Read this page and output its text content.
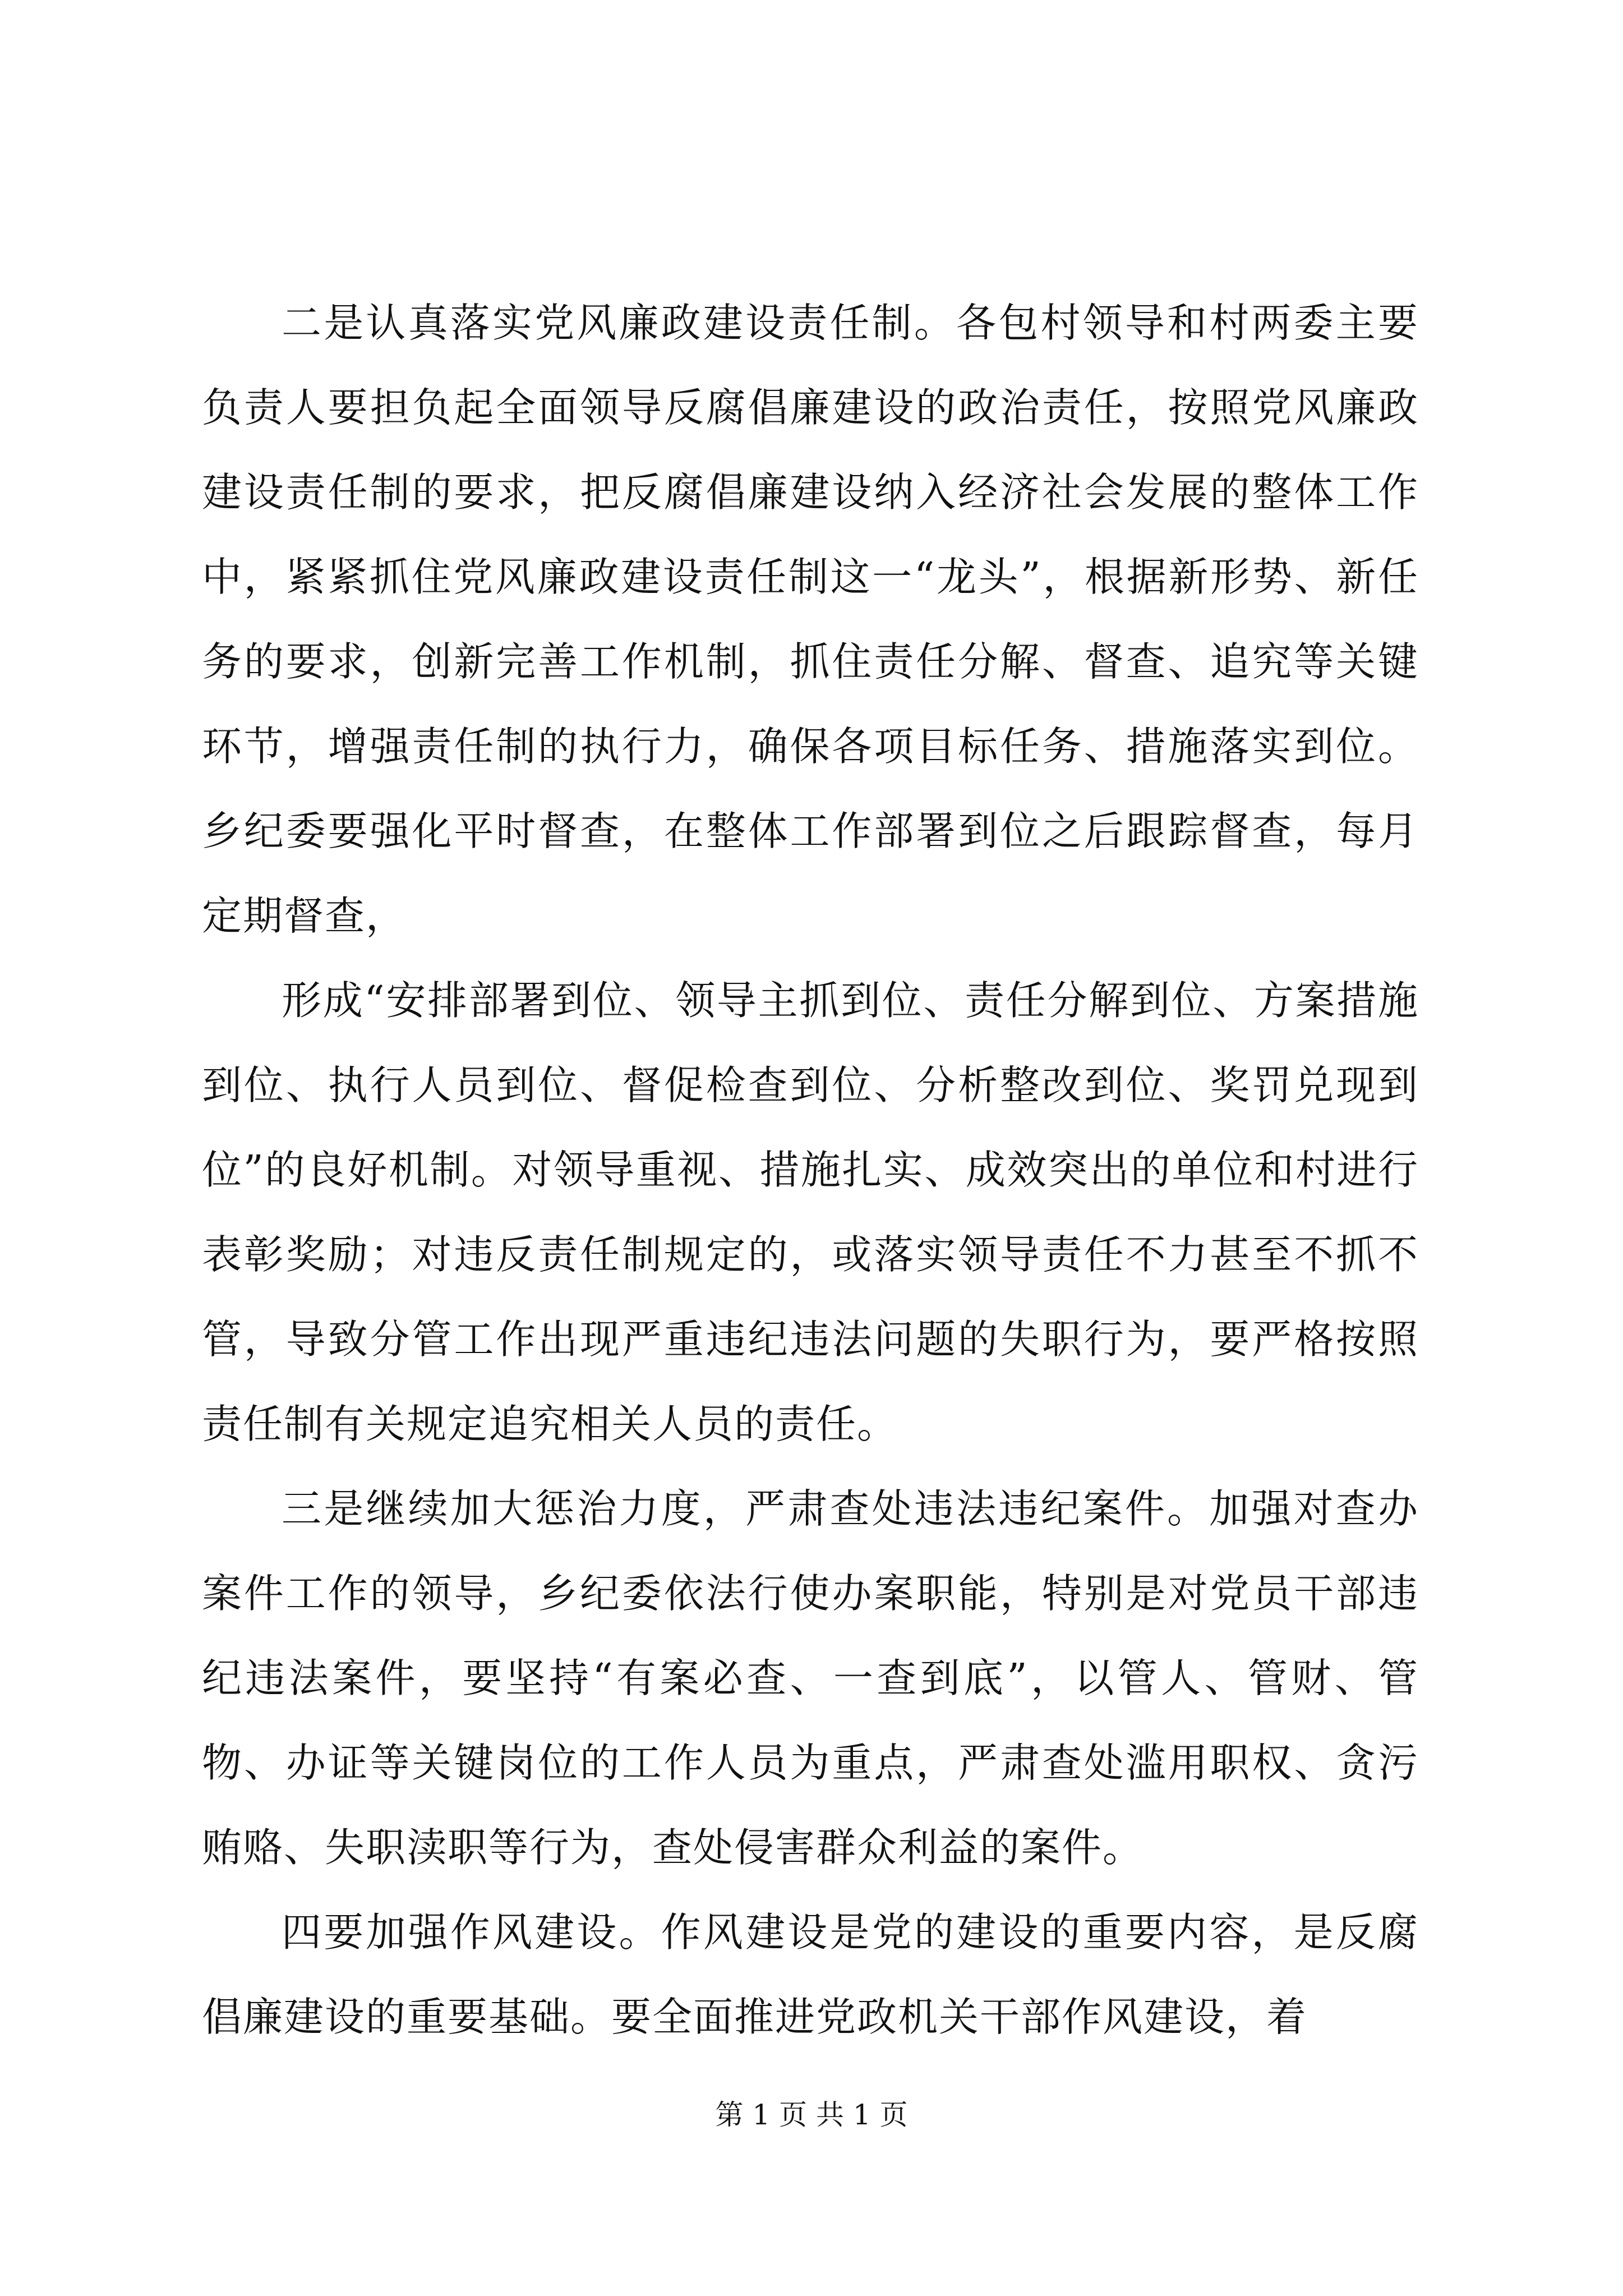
二是认真落实党风廉政建设责任制。各包村领导和村两委主要负责人要担负起全面领导反腐倡廉建设的政治责任，按照党风廉政建设责任制的要求，把反腐倡廉建设纳入经济社会发展的整体工作中，紧紧抓住党风廉政建设责任制这一“龙头”，根据新形势、新任务的要求，创新完善工作机制，抓住责任分解、督查、追究等关键环节，增强责任制的执行力，确保各项目标任务、措施落实到位。乡纪委要强化平时督查，在整体工作部署到位之后跟踪督查，每月定期督查，

形成“安排部署到位、领导主抓到位、责任分解到位、方案措施到位、执行人员到位、督促检查到位、分析整改到位、奖罚兑现到位”的良好机制。对领导重视、措施扎实、成效突出的单位和村进行表彰奖励；对违反责任制规定的，或落实领导责任不力甚至不抓不管，导致分管工作出现严重违纪违法问题的失职行为，要严格按照责任制有关规定追究相关人员的责任。

三是继续加大惩治力度，严肃查处违法违纪案件。加强对查办案件工作的领导，乡纪委依法行使办案职能，特别是对党员干部违纪违法案件，要坚持“有案必查、一查到底”，以管人、管财、管物、办证等关键岗位的工作人员为重点，严肃查处滥用职权、贪污贿赂、失职渎职等行为，查处侵害群众利益的案件。

四要加强作风建设。作风建设是党的建设的重要内容，是反腐倡廉建设的重要基础。要全面推进党政机关干部作风建设，着

第 1 页 共 1 页
